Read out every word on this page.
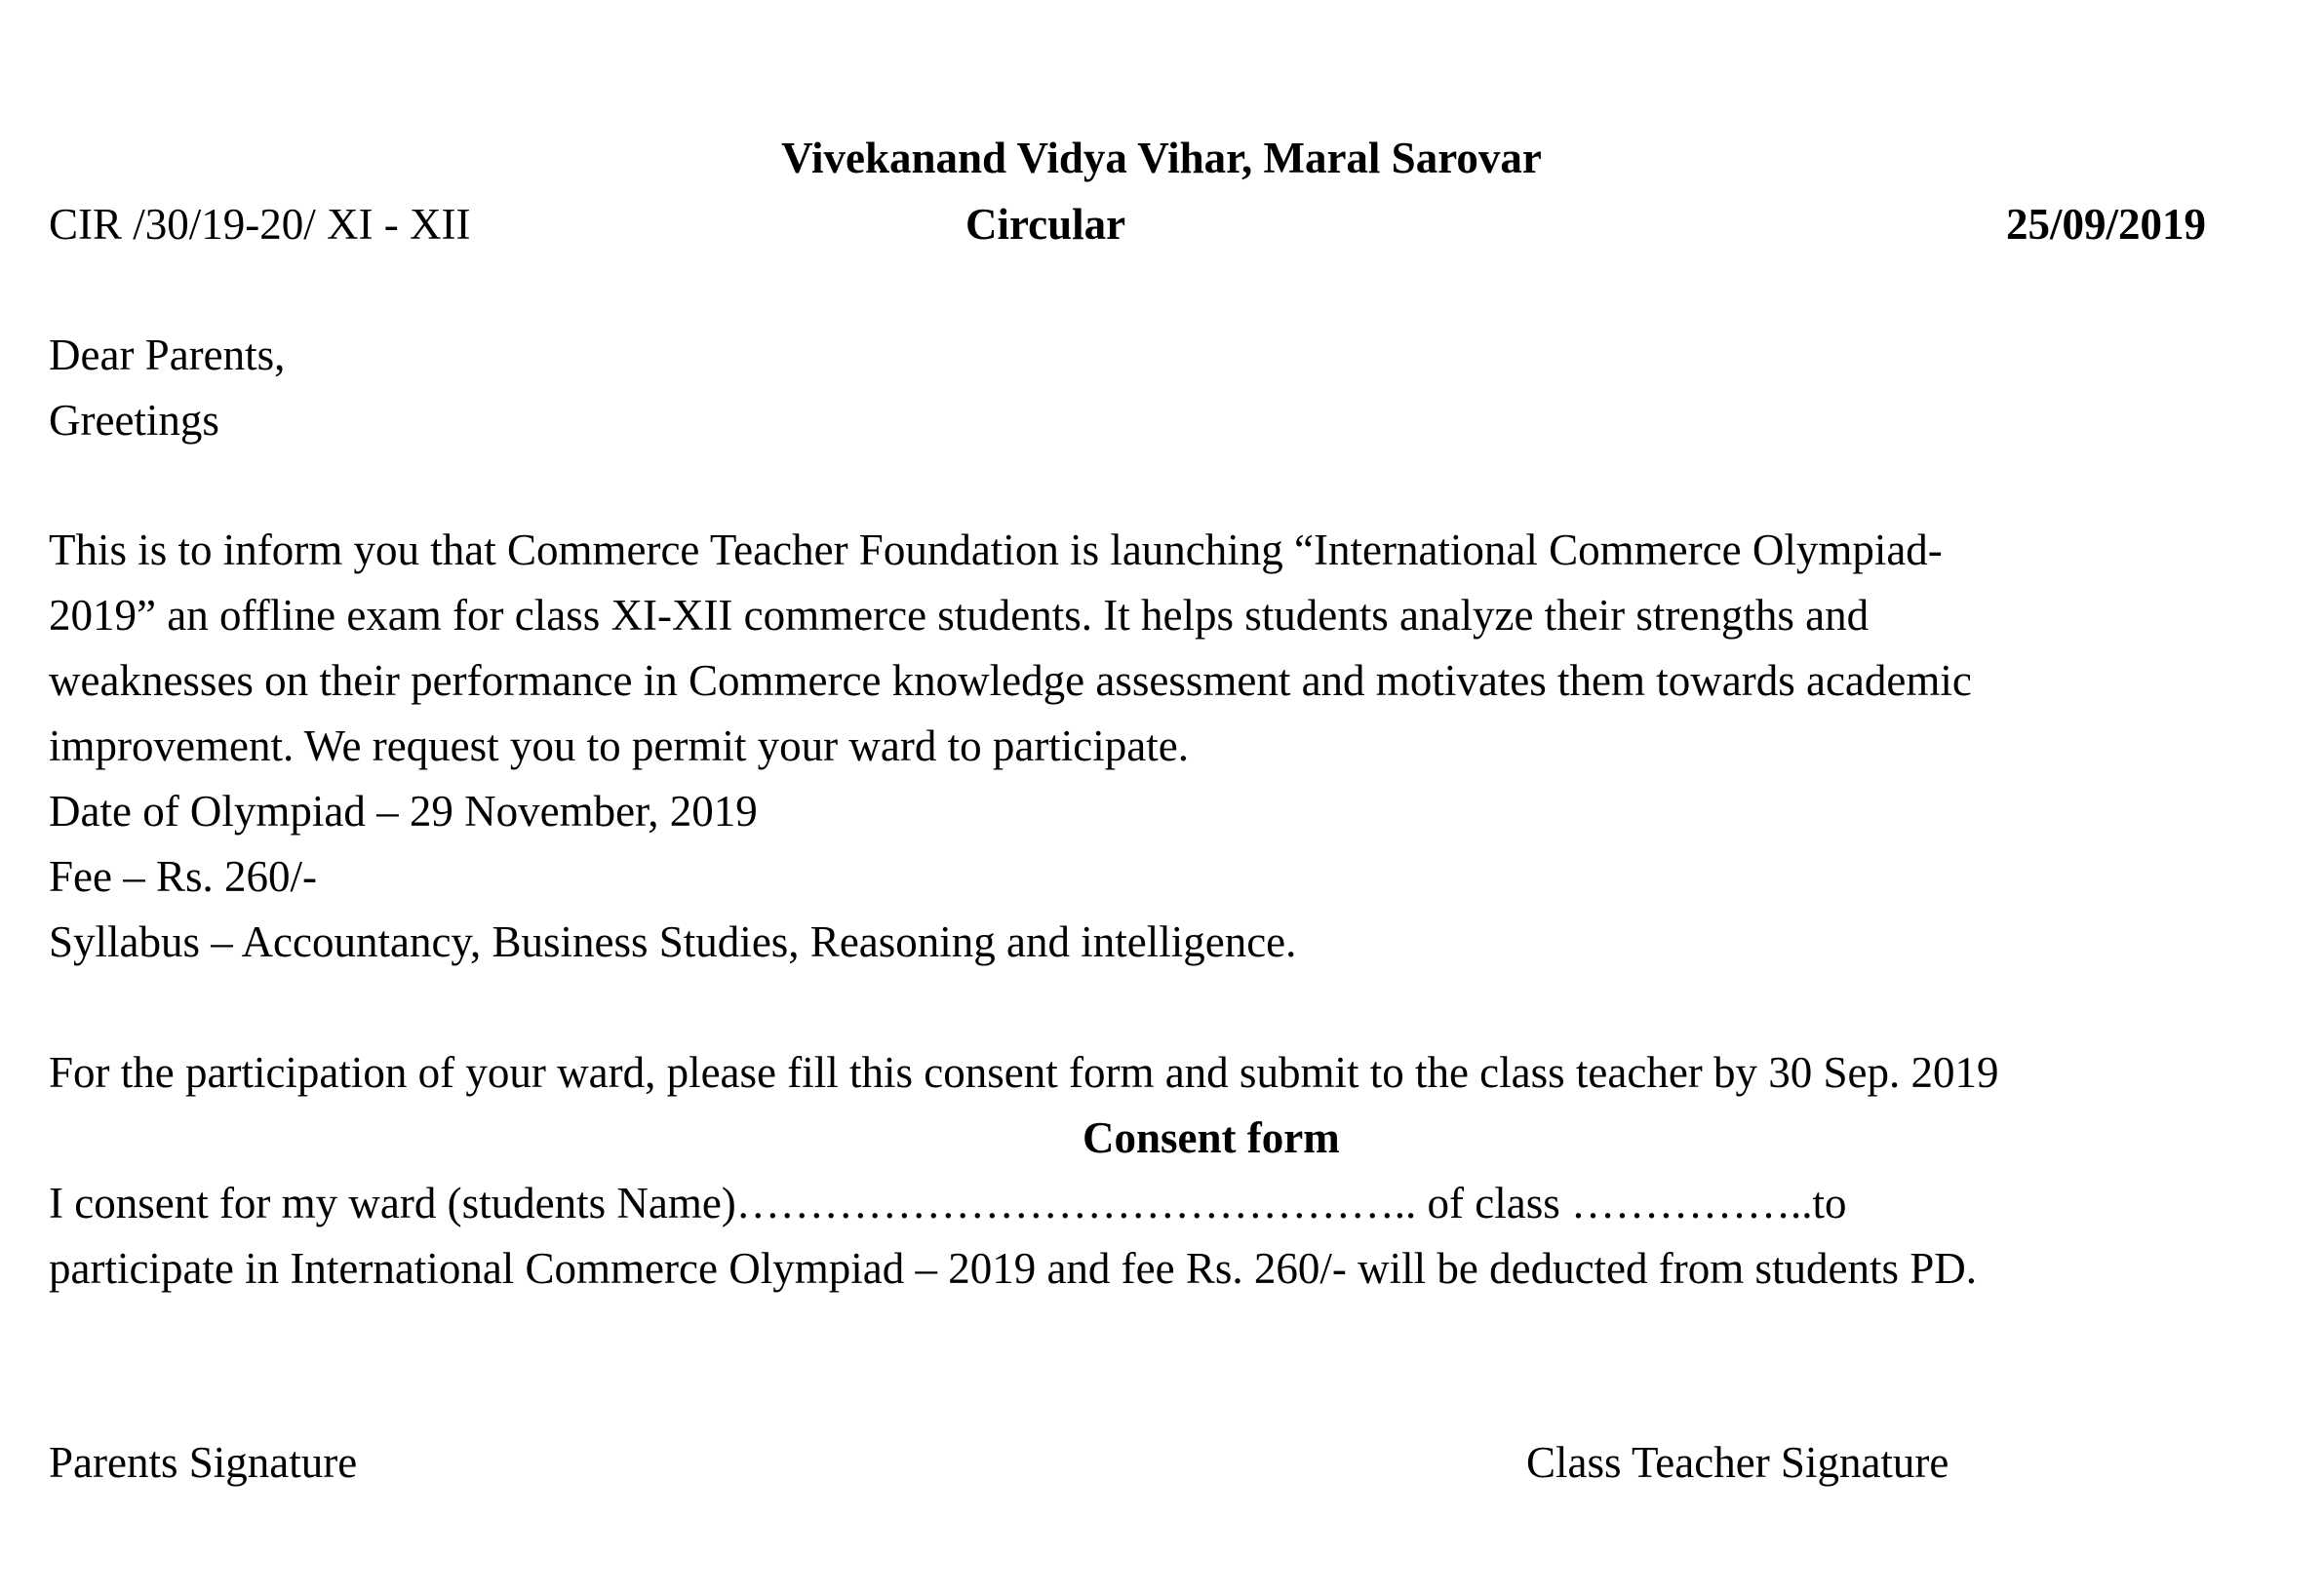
Vivekanand Vidya Vihar, Maral Sarovar
CIR /30/19-20/ XI - XII	Circular	25/09/2019
Dear Parents,
Greetings
This is to inform you that Commerce Teacher Foundation is launching “International Commerce Olympiad-
2019” an offline exam for class XI-XII commerce students. It helps students analyze their strengths and
weaknesses on their performance in Commerce knowledge assessment and motivates them towards academic
improvement. We request you to permit your ward to participate.
Date of Olympiad – 29 November, 2019
Fee – Rs. 260/-
Syllabus – Accountancy, Business Studies, Reasoning and intelligence.
For the participation of your ward, please fill this consent form and submit to the class teacher by 30 Sep. 2019
Consent form
I consent for my ward (students Name)……………………………………….. of class ……………..to
participate in International Commerce Olympiad – 2019 and fee Rs. 260/- will be deducted from students PD.
Parents Signature	Class Teacher Signature
